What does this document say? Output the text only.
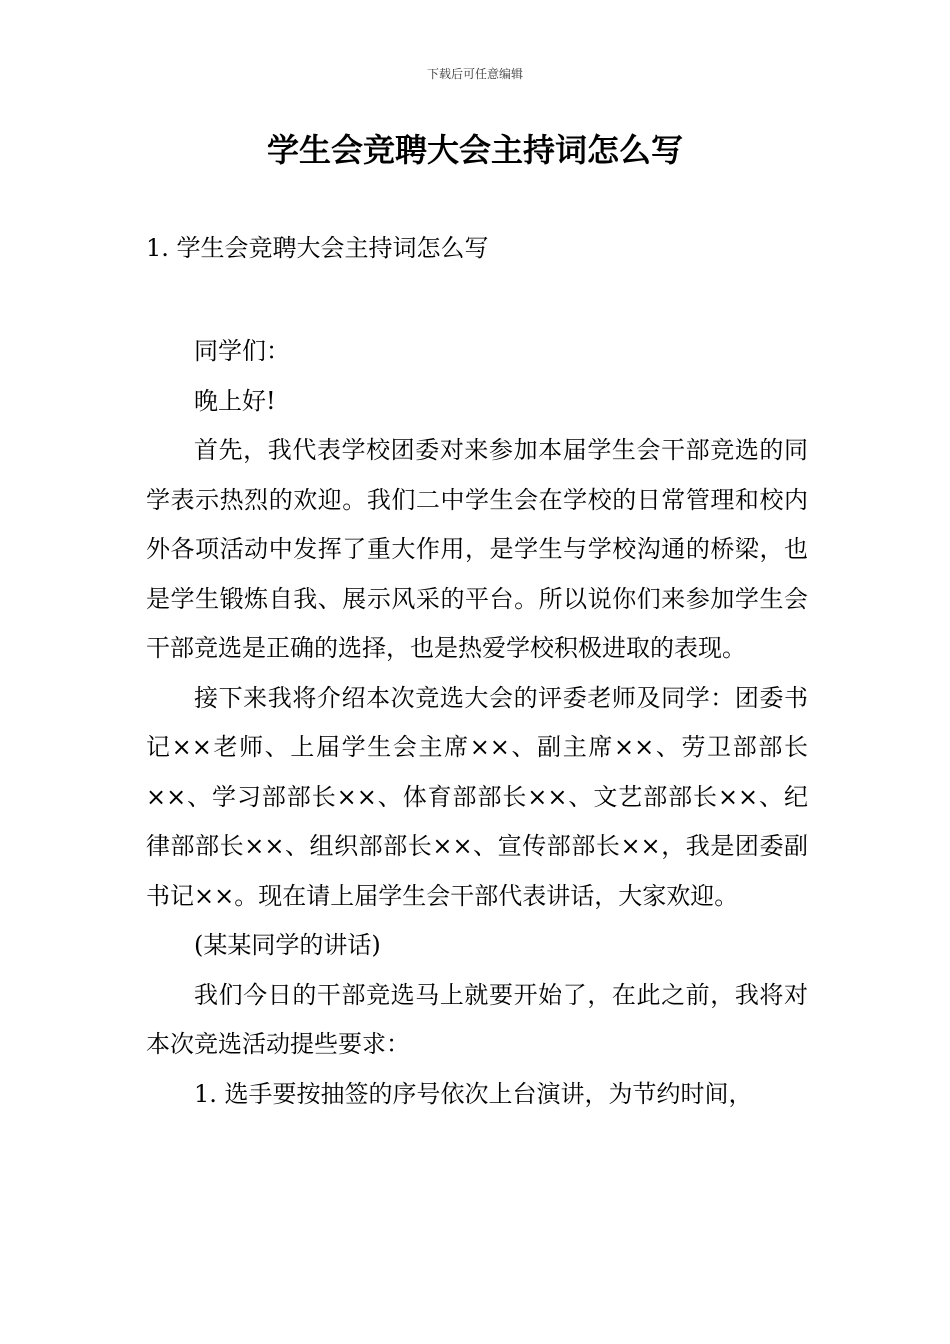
下载后可任意编辑
学生会竞聘大会主持词怎么写
1. 学生会竞聘大会主持词怎么写

同学们：

晚上好!

首先，我代表学校团委对来参加本届学生会干部竞选的同学表示热烈的欢迎。我们二中学生会在学校的日常管理和校内外各项活动中发挥了重大作用，是学生与学校沟通的桥梁，也是学生锻炼自我、展示风采的平台。所以说你们来参加学生会干部竞选是正确的选择，也是热爱学校积极进取的表现。

接下来我将介绍本次竞选大会的评委老师及同学：团委书记××老师、上届学生会主席××、副主席××、劳卫部部长××、学习部部长××、体育部部长××、文艺部部长××、纪律部部长××、组织部部长××、宣传部部长××，我是团委副书记××。现在请上届学生会干部代表讲话，大家欢迎。

(某某同学的讲话)

我们今日的干部竞选马上就要开始了，在此之前，我将对本次竞选活动提些要求：

1. 选手要按抽签的序号依次上台演讲，为节约时间，
